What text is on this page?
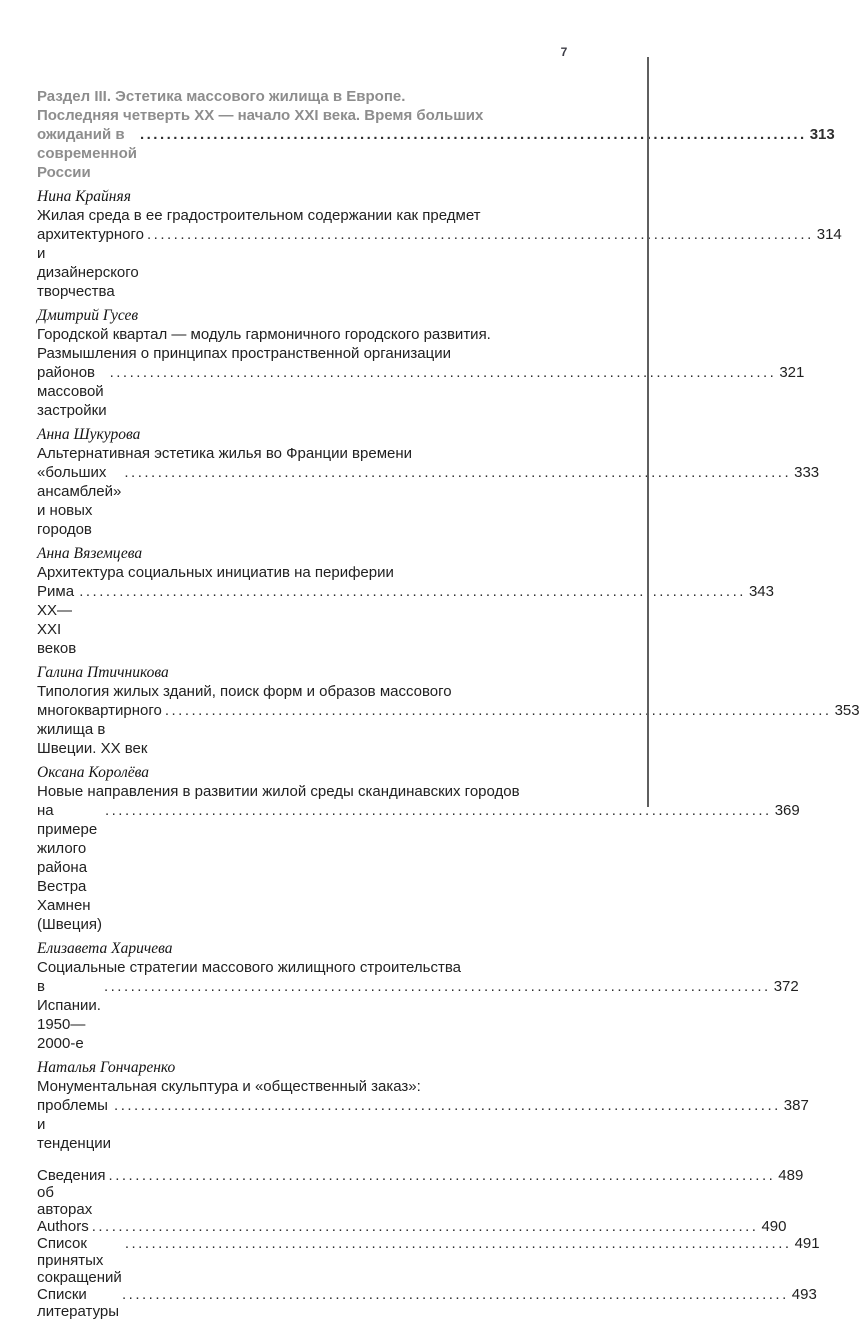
7
Раздел III. Эстетика массового жилища в Европе.
Последняя четверть XX — начало XXI века. Время больших
ожиданий в современной России
.....
313
Нина Крайняя
Жилая среда в ее градостроительном содержании как предмет
архитектурного и дизайнерского творчества
.....
314
Дмитрий Гусев
Городской квартал — модуль гармоничного городского развития.
Размышления о принципах пространственной организации
районов массовой застройки
.....
321
Анна Шукурова
Альтернативная эстетика жилья во Франции времени
«больших ансамблей» и новых городов
.....
333
Анна Вяземцева
Архитектура социальных инициатив на периферии
Рима XX—XXI веков
.....
343
Галина Птичникова
Типология жилых зданий, поиск форм и образов массового
многоквартирного жилища в Швеции. XX век
.....
353
Оксана Королёва
Новые направления в развитии жилой среды скандинавских городов
на примере жилого района Вестра Хамнен (Швеция)
.....
369
Елизавета Харичева
Социальные стратегии массового жилищного строительства
в Испании. 1950—2000-е
.....
372
Наталья Гончаренко
Монументальная скульптура и «общественный заказ»:
проблемы и тенденции
.....
387
Сведения об авторах
.....
489
Authors .....	490
Список принятых сокращений
.....
491
Списки литературы
.....
493
